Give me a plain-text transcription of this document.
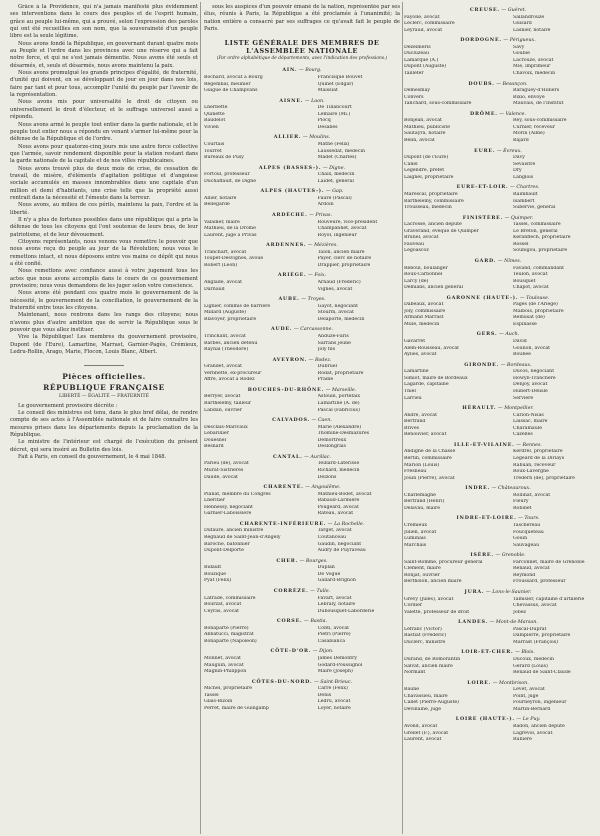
Grâce à la Providence, qui n'a jamais manifesté plus évidemment ses interventions dans le cours des peuples et de l'esprit humain, grâce au peuple lui-même, qui a prouvé, selon l'expression des paroles qui ont été recueillies en son nom, que la souveraineté d'un peuple libre est la seule légitime.

Nous avons fondé la République, en gouvernant durant quatre mois au Peuple et l'ordre dans les provinces avec une réserve qui a fait notre force, et qui ne s'est jamais démentie. Nous avons été seuls et désarmés, et, seuls et désarmés, nous avons maintenu la paix.

Nous avons promulgué les grands principes d'égalité, de fraternité, d'unité qui doivent, en se développant de jour en jour dans nos lois, faire par tant et pour tous, accomplir l'unité du peuple par l'avenir de la représentation.

Nous avons mis pour universalité le droit de citoyen ou universellement le droit d'électeur, et le suffrage universel aussi a répondu.

Nous avons armé le peuple tout entier dans la garde nationale, et le peuple tout entier nous a répondu en venant s'armer lui-même pour la défense de la République et de l'ordre.

Nous avons pour quatorze-cinq jours mis une autre force collective que l'armée, savoir rendement disponible pour la station restant dans la garde nationale de la capitale et de nos villes républicaines.

Nous avons trouvé plus de deux mois de crise, de cessation de travail, de misère, d'éléments d'agitation politique et d'angoisse sociale accumulés en masses innombrables dans une capitale d'un million et demi d'habitants, une crise telle que la propriété aussi rentrait dans la nécessité et l'émeute dans la terreur.

Nous avons, au milieu de ces périls, maintenu la paix, l'ordre et la liberté.

Il n'y a plus de fortunes possibles dans une république qui a pris la défense de tous les citoyens qui l'ont soutenue de leurs bras, de leur patriotisme, et de leur dévouement.

Citoyens représentants, nous venons vous remettre le pouvoir que nous avons reçu du peuple au jour de la Révolution; nous vous le remettons intact, et nous déposons entre vos mains ce dépôt qui nous a été confié.

Nous remettons avec confiance aussi à votre jugement tous les actes que nous avons accomplis dans le cours de ce gouvernement provisoire; nous vous demandons de les juger selon votre conscience.

Nous avons été pendant ces quatre mois le gouvernement de la nécessité, le gouvernement de la conciliation, le gouvernement de la fraternité entre tous les citoyens.

Maintenant, nous rentrons dans les rangs des citoyens; nous n'avons plus d'autre ambition que de servir la République sous le pouvoir que vous allez instituer.

Vive la République! Les membres du gouvernement provisoire, Dupont (de l'Eure), Lamartine, Marrast, Garnier-Pagès, Crémieux, Ledru-Rollin, Arago, Marie, Flocon, Louis Blanc, Albert.

Pièces officielles.
RÉPUBLIQUE FRANÇAISE
LIBERTÉ — ÉGALITÉ — FRATERNITÉ

Le gouvernement provisoire décrète :

Le conseil des ministres est tenu, dans le plus bref délai, de rendre compte de ses actes à l'Assemblée nationale et de faire connaître les mesures prises dans les départements depuis la proclamation de la République.

Le ministre de l'intérieur est chargé de l'exécution du présent décret, qui sera inséré au Bulletin des lois.

Fait à Paris, en conseil du gouvernement, le 4 mai 1848.

sous les auspices d'un pouvoir émané de la nation, représentée par ses élus, réunis à Paris, la République a été proclamée à l'unanimité; la nation entière a consacré par ses suffrages ce qu'avait fait le peuple de Paris.

LISTE GÉNÉRALE DES MEMBRES DE L'ASSEMBLÉE NATIONALE
(Par ordre alphabétique de départements, avec l'indication des professions.)
AIN. — Bourg.
Bochard, avocat à Bourg	Francisque Bouvet
Regembal, meunier	Quinet (Edgar)
Guigue de Champvans	Maissiat
AISNE. — Laon.
Lherbette	De Tillancourt
Quinette	Lemaire (Mi.)
Baudelot	Plocq
Vivien	Desabes
ALLIER. — Moulins.
Courtais	Mathé (Félix)
Tourret	Laussedat, médecin
Bureaux de Pusy	Madet (Charles)
ALPES (BASSES-). — Digne.
Fortoul, professeur	Chaix, médecin
Duchaffault, de Digne	Laidet, général
ALPES (HAUTES-). — Gap.
Allier, notaire	Faure (Pascal)
Bellegarde	Ardoin
ARDÈCHE. — Privas.
Valadier, maire	Rouveure, vice-président
Mathieu, de la Drôme	Champanhet, avocat
Laurent, juge à Privas	Royol, ingénieur
ARDENNES. — Mézières.
Tranchart, avocat	Talon, ancien maire
Toupet-Desvignes, avoué	Payer, clerc de notaire
Robert (Léon)	Drappier, propriétaire
ARIÈGE. — Foix.
Anglade, avocat	Arnaud (Frédéric)
Darnaud	Vignes, avocat
AUBE. — Troyes.
Lignier, commis de barrière	Gayot, négociant
Millard (Auguste)	Stourm, avocat
Blavoyer, propriétaire	Delaporte, médecin
AUDE. — Carcassonne.
Trinchant, avocat	Anduze-Faris
Barbès, ancien détenu	Sarrans jeune
Raynal (Théodore)	Joly fils
AVEYRON. — Rodez.
Grandet, avocat	Dubruel
Vernhette, ex-procureur	Rodat, propriétaire
Affre, avocat à Rodez	Pradié
BOUCHES-DU-RHÔNE. — Marseille.
Berryer, avocat	Astouin, portefaix
Barthélemy, tailleur	Lamartine (A. de)
Labdan, ouvrier	Pascal (Fabricius)
CALVADOS. — Caen.
Desclais-Marivaux	Marie (Alexandre)
Lebarillier	Thomine-Desmazures
Douesnel	Demortreux
Besnard	Deslongrais
CANTAL. — Aurillac.
Parieu (de), avocat	Teillard-Latérisse
Murat-Sistrières	Richard, médecin
Daude, avocat	Delzons
CHARENTE. — Angoulême.
Planat, membre du Congrès	Mathieu-Bodet, avocat
Lhéritier	Babaud-Laribière
Hennessy, négociant	Pougeard, avocat
Garnier-Laboissière	Rateau, avocat
CHARENTE-INFÉRIEURE. — La Rochelle.
Dufaure, ancien ministre	Target, avocat
Regnaud de Saint-Jean-d'Angély	Coutanceau
Baroche, bâtonnier	Gaudin, négociant
Dupont-Delporte	Audry de Puyraveau
CHER. — Bourges.
Bidault	Duplan
Bouzique	De Vogüé
Pyat (Félix)	Gallard-Brignon
CORRÈZE. — Tulle.
Latrade, commissaire	Favart, avocat
Bourzat, avocat	Lebraly, notaire
Ceyras, avocat	Dubousquet-Laborderie
CORSE. — Bastia.
Bonaparte (Pierre)	Conti, avocat
Abbatucci, magistrat	Pietri (Pierre)
Bonaparte (Napoléon)	Casabianca
CÔTE-D'OR. — Dijon.
Monnet, avocat	James Demontry
Mauguin, avocat	Godard-Poussignol
Magnin-Philippon	Maire (Joseph)
CÔTES-DU-NORD. — Saint-Brieuc.
Michel, propriétaire	Carré (Félix)
Tassel	Denis
Glais-Bizoin	Ledru, avocat
Perret, maire de Guingamp	Loyer, notaire
CREUSE. — Guéret.
Fayolle, avocat	Sallandrouze
Leclerc, commissaire	Guisard
Leyraud, avocat	Lasnier, notaire
DORDOGNE. — Périgueux.
Dezeimeris	Savy
Ducluzeau	Goubie
Lamarque (A.)	Lacrouze, avocat
Dupont (Auguste)	Mie, imprimeur
Taillefer	Chavoix, médecin
DOUBS. — Besançon.
Demesmay	Baraguey-d'Hilliers
Convers	Bixio, envoyé
Tanchard, sous-commissaire	Mauvais, de l'Institut
DRÔME. — Valence.
Bonjean, avocat	Rey, sous-commissaire
Mathieu, publiciste	Curnier, receveur
Sautayra, notaire	Morin (Aimé)
Belin, avocat	Bajard
EURE. — Évreux.
Dupont (de l'Eure)	Davy
Canel	Sevaistre
Legendre, préfet	Dry
Laignel, propriétaire	Langlois
EURE-ET-LOIR. — Chartres.
Marescal, propriétaire	Raimbault
Barthélemy, commissaire	Isambert
Trousseau, médecin	Subervie, général
FINISTÈRE. — Quimper.
Lacrosse, ancien député	Tassel, commissaire
Graverand, évêque de Quimper	Le Breton, général
Brunel, avocat	Kéranflech, propriétaire
Fauveau	Rossel
Legoascoz	Soubigou, propriétaire
GARD. — Nîmes.
Reboul, boulanger	Favand, commandant
Roux-Carbonnel	Teulon, avocat
Larcy (de)	Bousquet
Demians, ancien général	Chapot, avocat
GARONNE (HAUTE-). — Toulouse.
Dabeaux, avocat	Pagès (de l'Ariège)
Joly, commissaire	Malbois, propriétaire
Armand Marrast	Rémusat (de)
Mulé, médecin	Espinasse
GERS. — Auch.
Gavarret	David
Alem-Rousseau, avocat	Gounon, avocat
Aylies, avocat	Boubée
GIRONDE. — Bordeaux.
Lamartine	Ducos, négociant
Simiot, maire de Bordeaux	Howyn-Tranchère
Lagarde, capitaine	Denjoy, avocat
Thiel	Hubert-Delisle
Larrieu	Servière
HÉRAULT. — Montpellier.
Andre, avocat	Carion-Nisas
Bertrand	Laissac, maire
Brives	Charamaule
Renouvier, avocat	Cazelles
ILLE-ET-VILAINE. — Rennes.
Andigné de la Chasse	Kerdrel, propriétaire
Bertin, commissaire	Legeard de la Diriays
Marion (Louis)	Rabuan, receveur
Fresneau	Roux-Lavergne
Jouin (Pierre), avocat	Trédern (de), propriétaire
INDRE. — Châteauroux.
Charlemagne	Rollinat, avocat
Bertrand (Henri)	Fleury
Delavau, maire	Robinet
INDRE-ET-LOIRE. — Tours.
Crémieux	Taschereau
Julien, avocat	Foucqueteau
Luminais	Gouin
Marchais	Sauvageau
ISÈRE. — Grenoble.
Saint-Romme, procureur général	Farconnet, maire de Grenoble
Clément, maire	Renaud, avocat
Ronjat, ouvrier	Reymond
Bertholon, ancien maire	Froussard, professeur
JURA. — Lons-le-Saunier.
Grévy (Jules), avocat	Tamisier, capitaine d'artillerie
Cordier	Chevassus, avocat
Valette, professeur de droit	Jobez
LANDES. — Mont-de-Marsan.
Lefranc (Victor)	Pascal-Duprat
Bastiat (Frédéric)	Dampierre, propriétaire
Duclerc, ministre	Marrast (François)
LOIR-ET-CHER. — Blois.
Durand, de Romorantin	Ducoux, médecin
Salvat, ancien maire	Gérard (Louis)
Normant	Renaud de Saint-Claude
LOIRE. — Montbrison.
Baune	Levet, avocat
Chavassieu, maire	Point, juge
Callet (Pierre-Auguste)	Fourneyron, ingénieur
Devillaine, juge	Martin-Bernard
LOIRE (HAUTE-). — Le Puy.
Avond, avocat	Badon, ancien député
Grellet (F.), avocat	Lagrévol, avocat
Laurent, avocat	Rullière
